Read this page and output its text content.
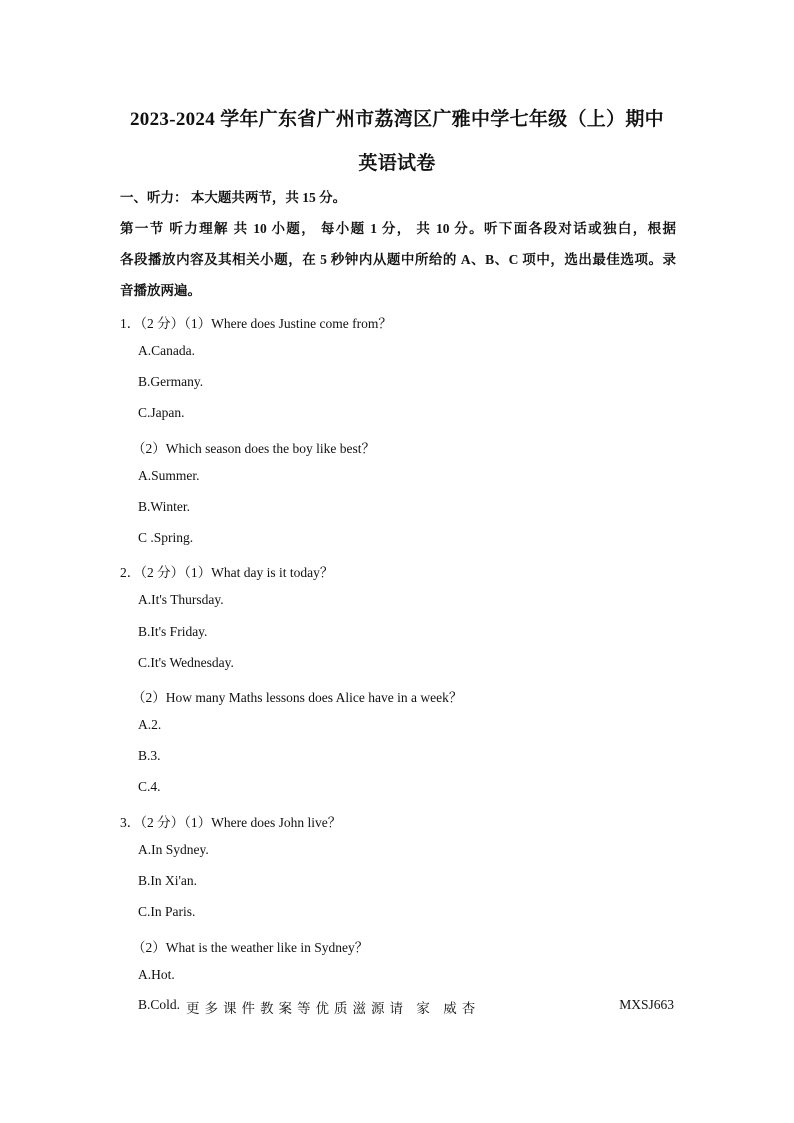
2023-2024 学年广东省广州市荔湾区广雅中学七年级（上）期中
英语试卷
一、听力： 本大题共两节，共 15 分。
第一节 听力理解 共 10 小题， 每小题 1 分， 共 10 分。听下面各段对话或独白，根据
各段播放内容及其相关小题，在 5 秒钟内从题中所给的 A、B、C 项中，选出最佳选项。录
音播放两遍。
1．（2 分）（1）Where does Justine come from？
A.Canada.
B.Germany.
C.Japan.
（2）Which season does the boy like best？
A.Summer.
B.Winter.
C .Spring.
2．（2 分）（1）What day is it today？
A.It's Thursday.
B.It's Friday.
C.It's Wednesday.
（2）How many Maths lessons does Alice have in a week？
A.2.
B.3.
C.4.
3．（2 分）（1）Where does John live？
A.In Sydney.
B.In Xi'an.
C.In Paris.
（2）What is the weather like in Sydney？
A.Hot.
B.Cold. 更多课件教案等优质滋源请 家 威杏	MXSJ663
